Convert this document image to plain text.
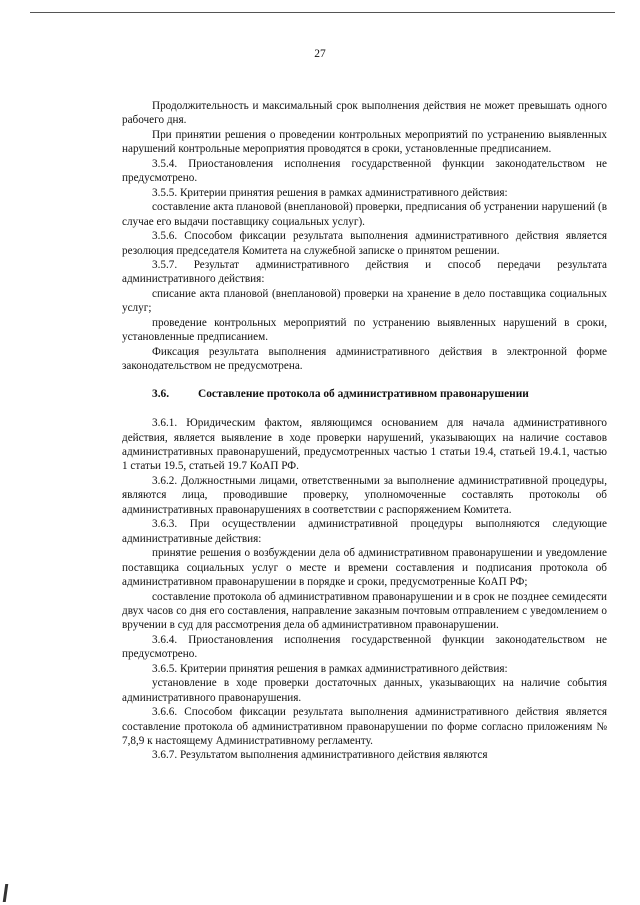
27

Продолжительность и максимальный срок выполнения действия не может превышать одного рабочего дня.

При принятии решения о проведении контрольных мероприятий по устранению выявленных нарушений контрольные мероприятия проводятся в сроки, установленные предписанием.

3.5.4. Приостановления исполнения государственной функции законодательством не предусмотрено.

3.5.5. Критерии принятия решения в рамках административного действия:

составление акта плановой (внеплановой) проверки, предписания об устранении нарушений (в случае его выдачи поставщику социальных услуг).

3.5.6. Способом фиксации результата выполнения административного действия является резолюция председателя Комитета на служебной записке о принятом решении.

3.5.7. Результат административного действия и способ передачи результата административного действия:

списание акта плановой (внеплановой) проверки на хранение в дело поставщика социальных услуг;

проведение контрольных мероприятий по устранению выявленных нарушений в сроки, установленные предписанием.

Фиксация результата выполнения административного действия в электронной форме законодательством не предусмотрена.

3.6.	Составление протокола об административном правонарушении

3.6.1. Юридическим фактом, являющимся основанием для начала административного действия, является выявление в ходе проверки нарушений, указывающих на наличие составов административных правонарушений, предусмотренных частью 1 статьи 19.4, статьей 19.4.1, частью 1 статьи 19.5, статьей 19.7 КоАП РФ.

3.6.2. Должностными лицами, ответственными за выполнение административной процедуры, являются лица, проводившие проверку, уполномоченные составлять протоколы об административных правонарушениях в соответствии с распоряжением Комитета.

3.6.3. При осуществлении административной процедуры выполняются следующие административные действия:

принятие решения о возбуждении дела об административном правонарушении и уведомление поставщика социальных услуг о месте и времени составления и подписания протокола об административном правонарушении в порядке и сроки, предусмотренные КоАП РФ;

составление протокола об административном правонарушении и в срок не позднее семидесяти двух часов со дня его составления, направление заказным почтовым отправлением с уведомлением о вручении в суд для рассмотрения дела об административном правонарушении.

3.6.4. Приостановления исполнения государственной функции законодательством не предусмотрено.

3.6.5. Критерии принятия решения в рамках административного действия:

установление в ходе проверки достаточных данных, указывающих на наличие события административного правонарушения.

3.6.6. Способом фиксации результата выполнения административного действия является составление протокола об административном правонарушении по форме согласно приложениям № 7,8,9 к настоящему Административному регламенту.

3.6.7. Результатом выполнения административного действия являются
